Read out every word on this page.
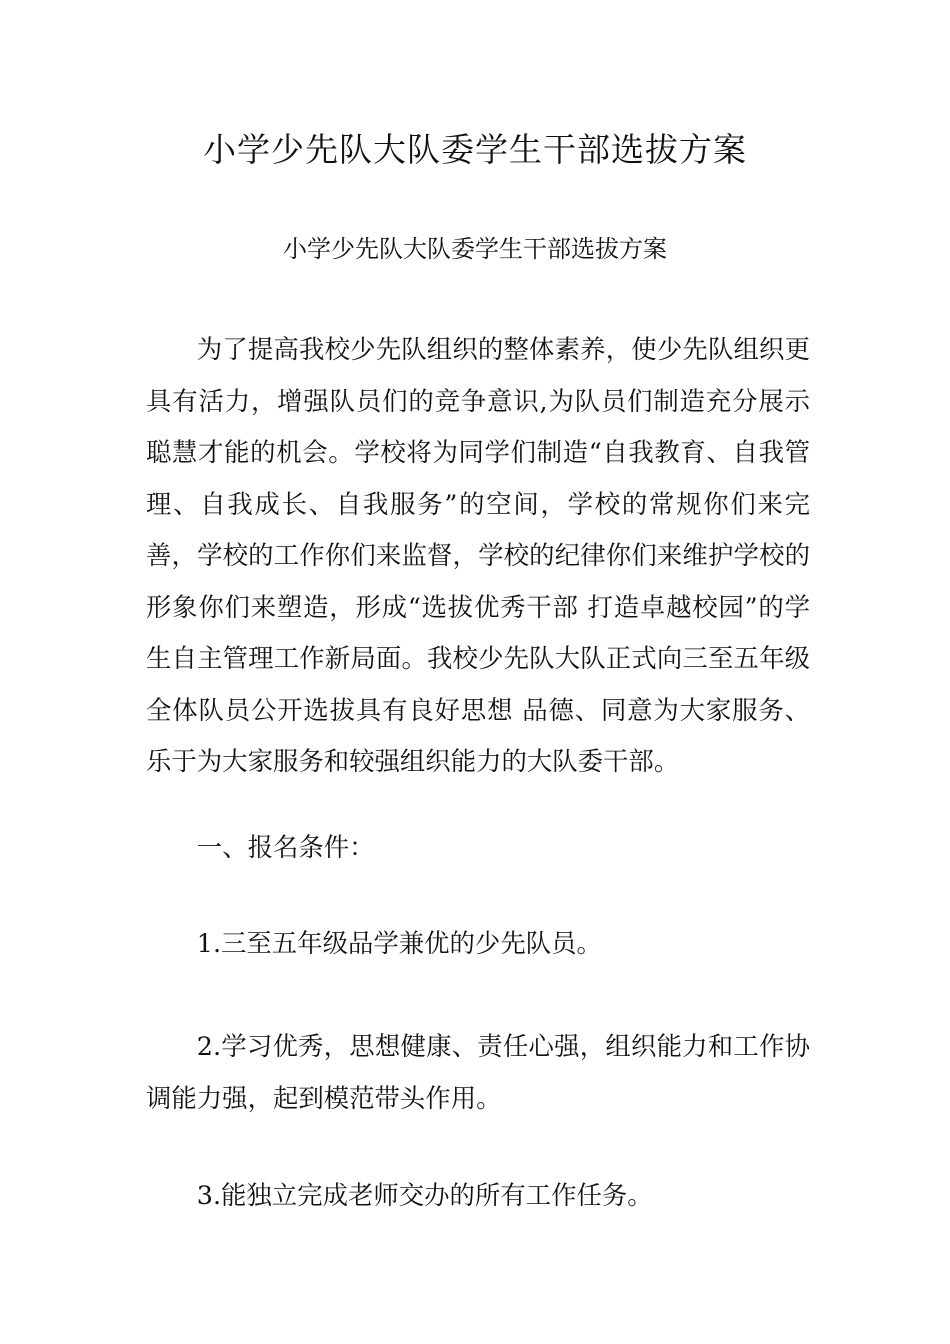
小学少先队大队委学生干部选拔方案

小学少先队大队委学生干部选拔方案

为了提高我校少先队组织的整体素养，使少先队组织更具有活力，增强队员们的竞争意识,为队员们制造充分展示聪慧才能的机会。学校将为同学们制造“自我教育、自我管理、自我成长、自我服务”的空间，学校的常规你们来完善，学校的工作你们来监督，学校的纪律你们来维护学校的形象你们来塑造，形成“选拔优秀干部 打造卓越校园”的学生自主管理工作新局面。我校少先队大队正式向三至五年级全体队员公开选拔具有良好思想 品德、同意为大家服务、乐于为大家服务和较强组织能力的大队委干部。

一、报名条件：

1.三至五年级品学兼优的少先队员。

2.学习优秀，思想健康、责任心强，组织能力和工作协调能力强，起到模范带头作用。

3.能独立完成老师交办的所有工作任务。
